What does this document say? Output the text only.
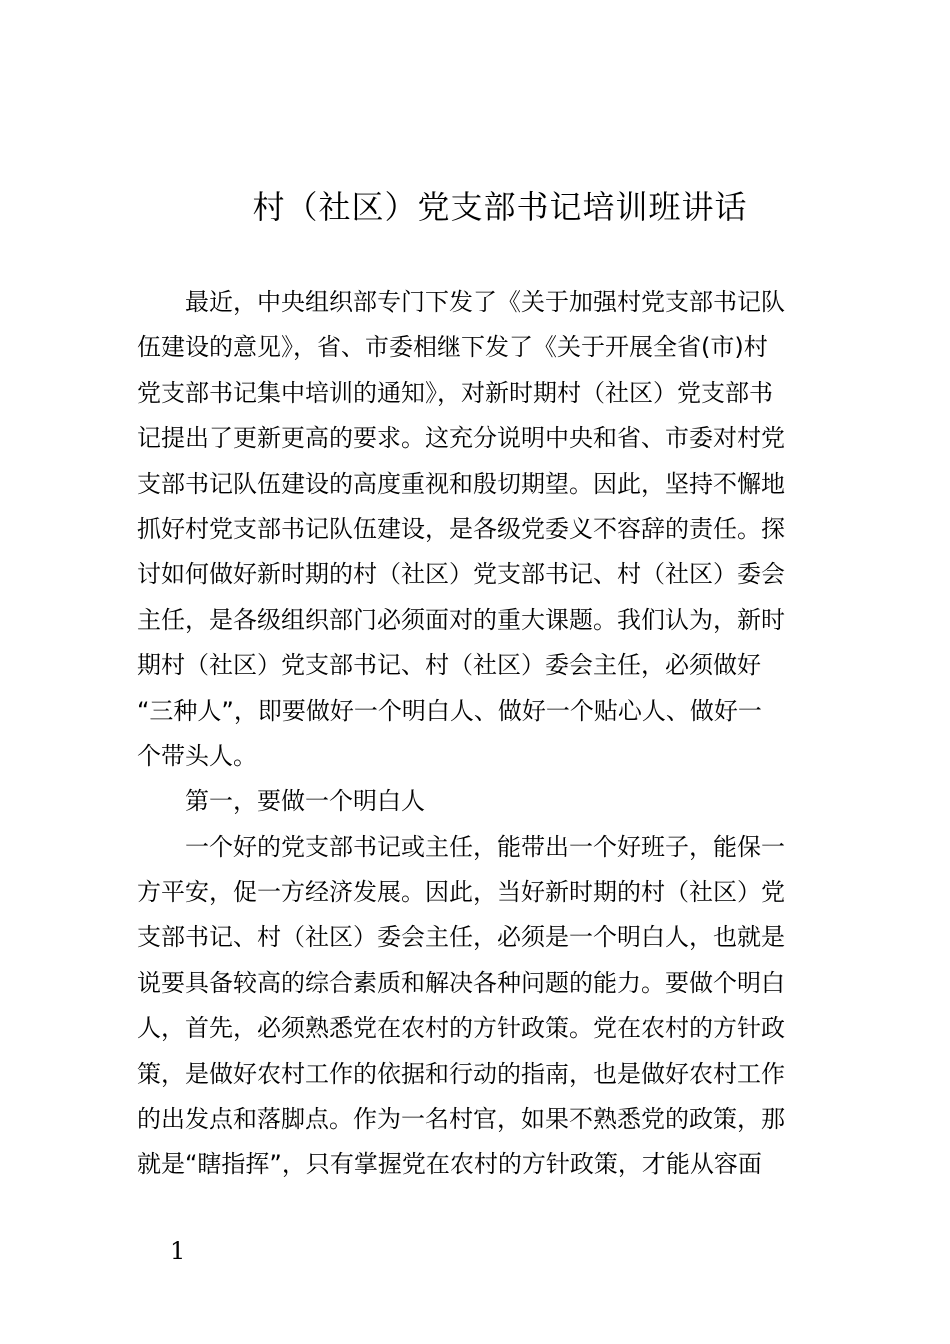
村（社区）党支部书记培训班讲话
最近，中央组织部专门下发了《关于加强村党支部书记队
伍建设的意见》，省、市委相继下发了《关于开展全省(市)村
党支部书记集中培训的通知》，对新时期村（社区）党支部书
记提出了更新更高的要求。这充分说明中央和省、市委对村党
支部书记队伍建设的高度重视和殷切期望。因此，坚持不懈地
抓好村党支部书记队伍建设，是各级党委义不容辞的责任。探
讨如何做好新时期的村（社区）党支部书记、村（社区）委会
主任，是各级组织部门必须面对的重大课题。我们认为，新时
期村（社区）党支部书记、村（社区）委会主任，必须做好
“三种人”，即要做好一个明白人、做好一个贴心人、做好一
个带头人。
第一，要做一个明白人
一个好的党支部书记或主任，能带出一个好班子，能保一
方平安，促一方经济发展。因此，当好新时期的村（社区）党
支部书记、村（社区）委会主任，必须是一个明白人，也就是
说要具备较高的综合素质和解决各种问题的能力。要做个明白
人，首先，必须熟悉党在农村的方针政策。党在农村的方针政
策，是做好农村工作的依据和行动的指南，也是做好农村工作
的出发点和落脚点。作为一名村官，如果不熟悉党的政策，那
就是“瞎指挥”，只有掌握党在农村的方针政策，才能从容面
1
